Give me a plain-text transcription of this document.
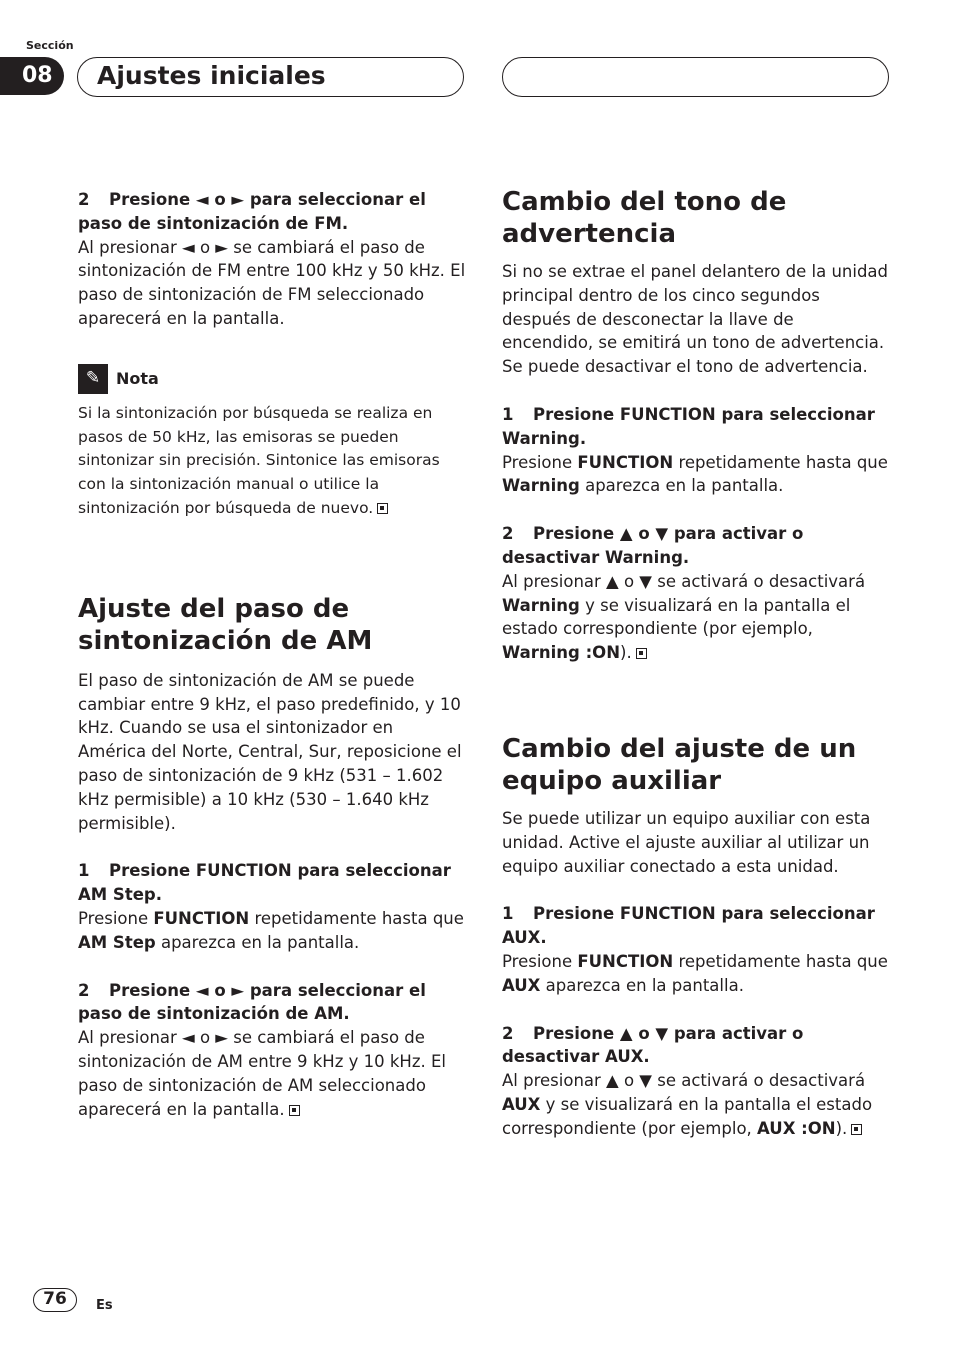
Sección
08	Ajustes iniciales

2 Presione ◄ o ► para seleccionar el paso de sintonización de FM.

Al presionar ◄ o ► se cambiará el paso de sintonización de FM entre 100 kHz y 50 kHz. El paso de sintonización de FM seleccionado aparecerá en la pantalla.

✎ Nota

Si la sintonización por búsqueda se realiza en pasos de 50 kHz, las emisoras se pueden sintonizar sin precisión. Sintonice las emisoras con la sintonización manual o utilice la sintonización por búsqueda de nuevo.

Ajuste del paso de sintonización de AM

El paso de sintonización de AM se puede cambiar entre 9 kHz, el paso predefinido, y 10 kHz. Cuando se usa el sintonizador en América del Norte, Central, Sur, reposicione el paso de sintonización de 9 kHz (531 – 1.602 kHz permisible) a 10 kHz (530 – 1.640 kHz permisible).

1 Presione FUNCTION para seleccionar AM Step.

Presione FUNCTION repetidamente hasta que AM Step aparezca en la pantalla.

2 Presione ◄ o ► para seleccionar el paso de sintonización de AM.

Al presionar ◄ o ► se cambiará el paso de sintonización de AM entre 9 kHz y 10 kHz. El paso de sintonización de AM seleccionado aparecerá en la pantalla.

Cambio del tono de advertencia

Si no se extrae el panel delantero de la unidad principal dentro de los cinco segundos después de desconectar la llave de encendido, se emitirá un tono de advertencia. Se puede desactivar el tono de advertencia.

1 Presione FUNCTION para seleccionar Warning.

Presione FUNCTION repetidamente hasta que Warning aparezca en la pantalla.

2 Presione ▲ o ▼ para activar o desactivar Warning.

Al presionar ▲ o ▼ se activará o desactivará Warning y se visualizará en la pantalla el estado correspondiente (por ejemplo, Warning :ON).

Cambio del ajuste de un equipo auxiliar

Se puede utilizar un equipo auxiliar con esta unidad. Active el ajuste auxiliar al utilizar un equipo auxiliar conectado a esta unidad.

1 Presione FUNCTION para seleccionar AUX.

Presione FUNCTION repetidamente hasta que AUX aparezca en la pantalla.

2 Presione ▲ o ▼ para activar o desactivar AUX.

Al presionar ▲ o ▼ se activará o desactivará AUX y se visualizará en la pantalla el estado correspondiente (por ejemplo, AUX :ON).

76	Es
